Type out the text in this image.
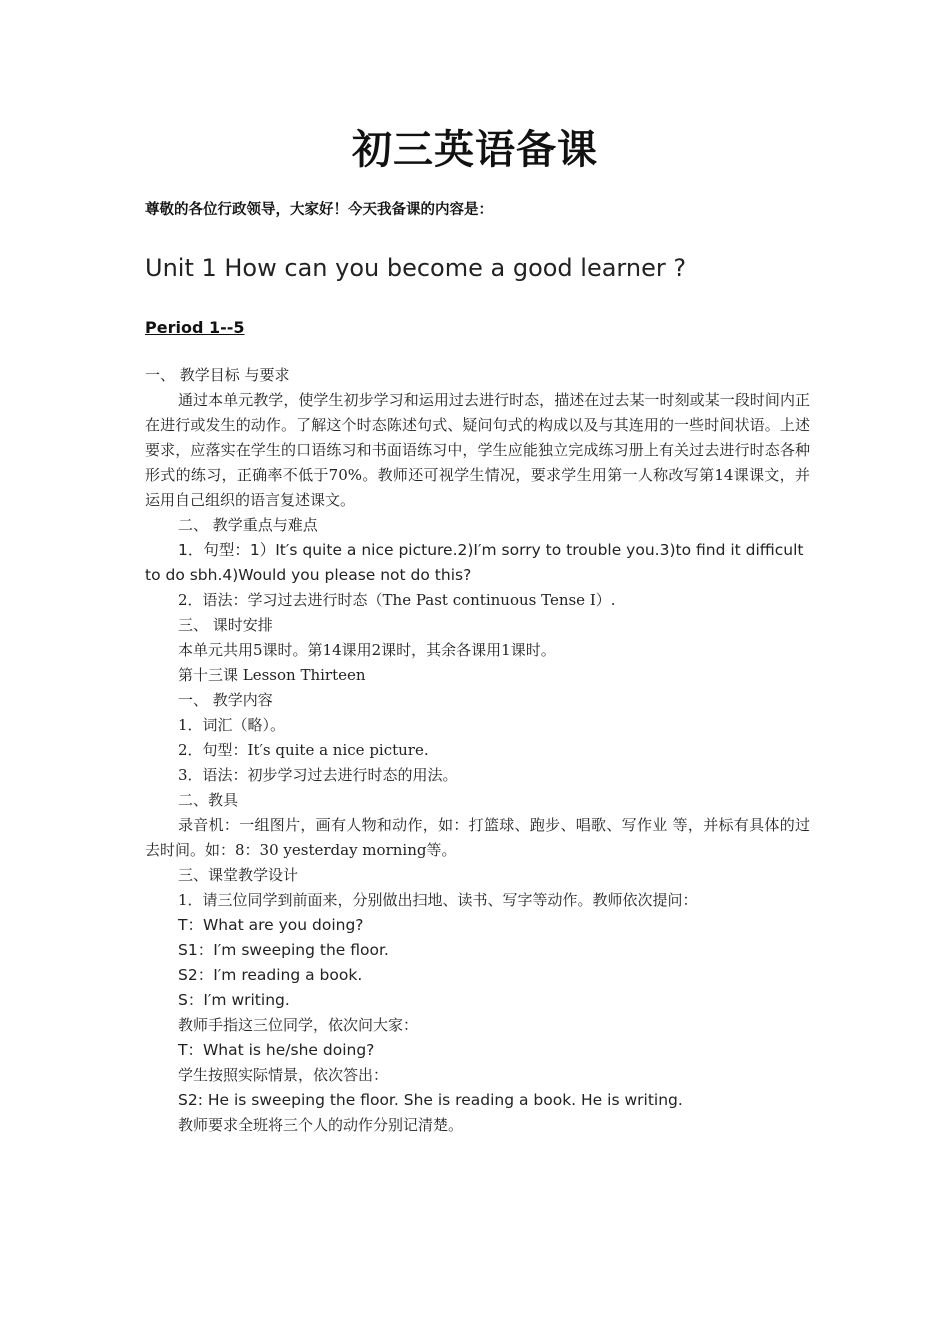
初三英语备课
尊敬的各位行政领导，大家好！今天我备课的内容是：
Unit 1 How can you become a good learner ?
Period 1--5

一、 教学目标 与要求

通过本单元教学，使学生初步学习和运用过去进行时态，描述在过去某一时刻或某一段时间内正在进行或发生的动作。了解这个时态陈述句式、疑问句式的构成以及与其连用的一些时间状语。上述要求，应落实在学生的口语练习和书面语练习中，学生应能独立完成练习册上有关过去进行时态各种形式的练习，正确率不低于70%。教师还可视学生情况，要求学生用第一人称改写第14课课文，并运用自己组织的语言复述课文。

二、 教学重点与难点

1．句型：1）It′s quite a nice picture.2)I′m sorry to trouble you.3)to find it difficult to do sbh.4)Would you please not do this?

2．语法：学习过去进行时态（The Past continuous Tense I）.

三、 课时安排

本单元共用5课时。第14课用2课时，其余各课用1课时。

第十三课 Lesson Thirteen

一、 教学内容

1．词汇（略）。

2．句型：It′s quite a nice picture.

3．语法：初步学习过去进行时态的用法。

二、教具

录音机：一组图片，画有人物和动作，如：打篮球、跑步、唱歌、写作业 等，并标有具体的过去时间。如：8：30 yesterday morning等。

三、课堂教学设计

1．请三位同学到前面来，分别做出扫地、读书、写字等动作。教师依次提问：

T：What are you doing?

S1：I′m sweeping the floor.

S2：I′m reading a book.

S：I′m writing.

教师手指这三位同学，依次问大家：

T：What is he/she doing?

学生按照实际情景，依次答出：

S2: He is sweeping the floor. She is reading a book. He is writing.

教师要求全班将三个人的动作分别记清楚。
